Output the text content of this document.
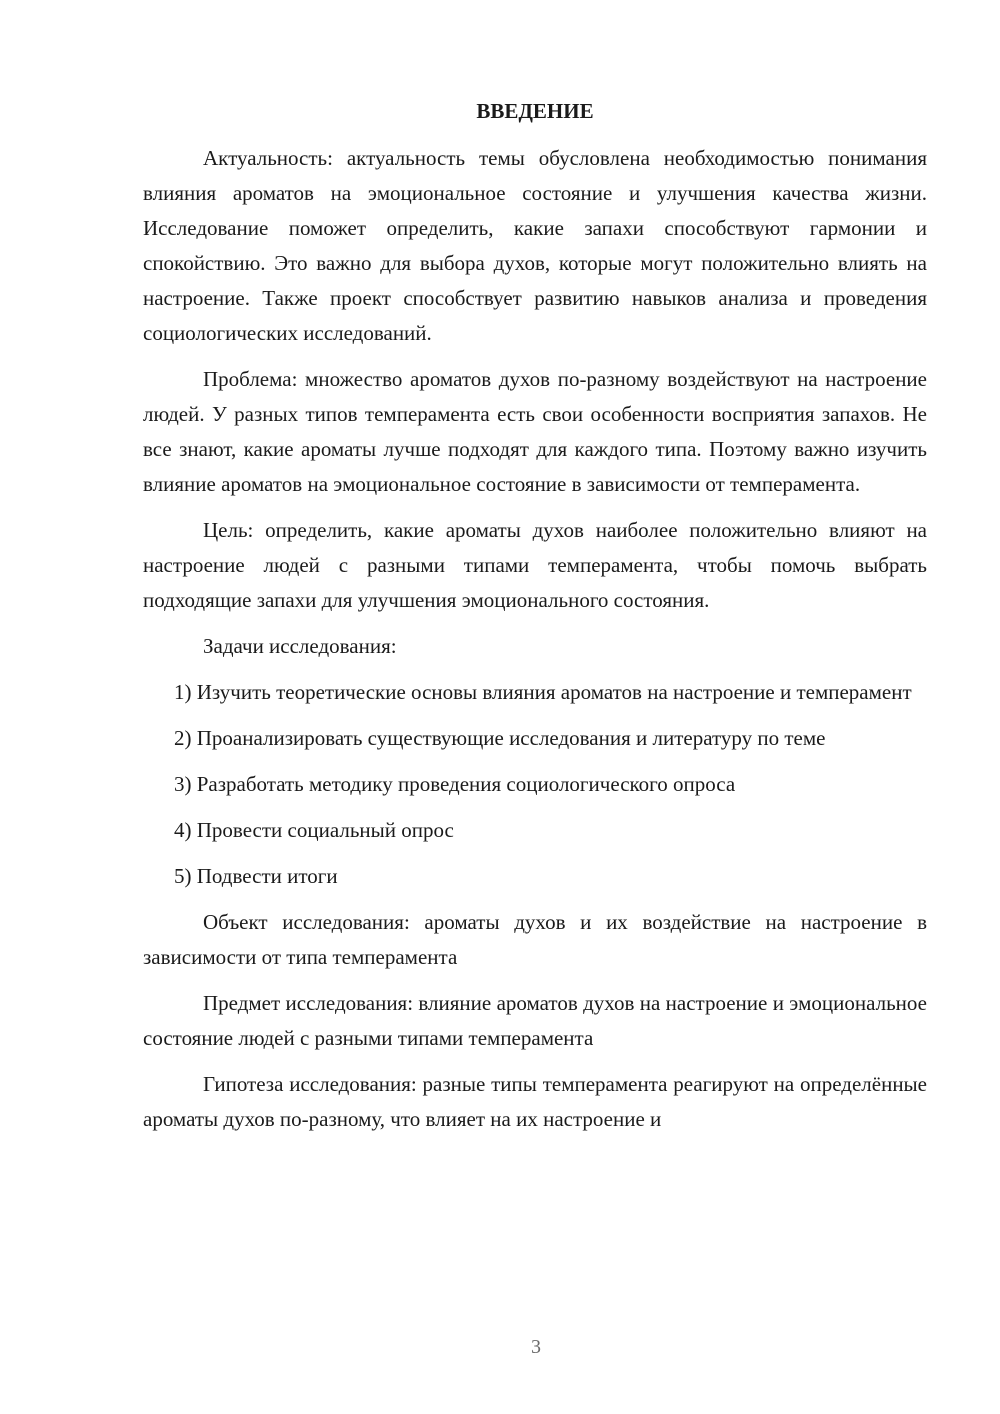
ВВЕДЕНИЕ

Актуальность: актуальность темы обусловлена необходимостью понимания влияния ароматов на эмоциональное состояние и улучшения качества жизни. Исследование поможет определить, какие запахи способствуют гармонии и спокойствию. Это важно для выбора духов, которые могут положительно влиять на настроение. Также проект способствует развитию навыков анализа и проведения социологических исследований.

Проблема: множество ароматов духов по-разному воздействуют на настроение людей. У разных типов темперамента есть свои особенности восприятия запахов. Не все знают, какие ароматы лучше подходят для каждого типа. Поэтому важно изучить влияние ароматов на эмоциональное состояние в зависимости от темперамента.

Цель: определить, какие ароматы духов наиболее положительно влияют на настроение людей с разными типами темперамента, чтобы помочь выбрать подходящие запахи для улучшения эмоционального состояния.

Задачи исследования:

1) Изучить теоретические основы влияния ароматов на настроение и темперамент

2) Проанализировать существующие исследования и литературу по теме

3) Разработать методику проведения социологического опроса

4) Провести социальный опрос

5) Подвести итоги

Объект исследования: ароматы духов и их воздействие на настроение в зависимости от типа темперамента

Предмет исследования: влияние ароматов духов на настроение и эмоциональное состояние людей с разными типами темперамента

Гипотеза исследования: разные типы темперамента реагируют на определённые ароматы духов по-разному, что влияет на их настроение и

3
